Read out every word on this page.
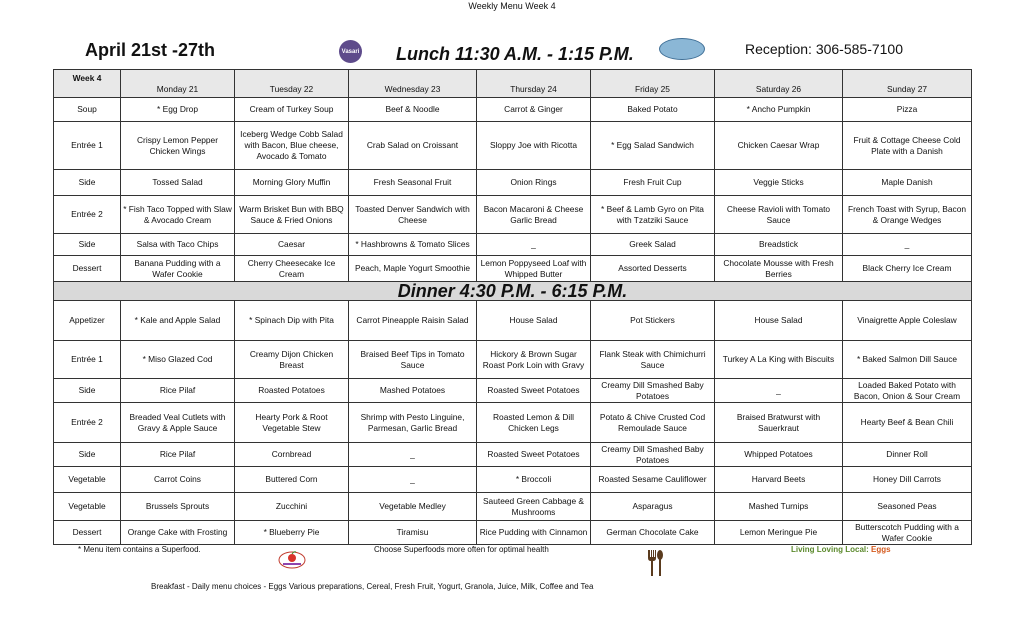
Weekly Menu Week 4
April 21st -27th	Vasari Lunch 11:30 A.M. - 1:15 P.M.	Reception: 306-585-7100
Week 4	Monday 21	Tuesday 22	Wednesday 23	Thursday 24	Friday 25	Saturday 26	Sunday 27
Soup	* Egg Drop	Cream of Turkey Soup	Beef & Noodle	Carrot & Ginger	Baked Potato	* Ancho Pumpkin	Pizza
Entrée 1	Crispy Lemon Pepper Chicken Wings	Iceberg Wedge Cobb Salad with Bacon, Blue cheese, Avocado & Tomato	Crab Salad on Croissant	Sloppy Joe with Ricotta	* Egg Salad Sandwich	Chicken Caesar Wrap	Fruit & Cottage Cheese Cold Plate with a Danish
Side	Tossed Salad	Morning Glory Muffin	Fresh Seasonal Fruit	Onion Rings	Fresh Fruit Cup	Veggie Sticks	Maple Danish
Entrée 2	* Fish Taco Topped with Slaw & Avocado Cream	Warm Brisket Bun with BBQ Sauce & Fried Onions	Toasted Denver Sandwich with Cheese	Bacon Macaroni & Cheese Garlic Bread	* Beef & Lamb Gyro on Pita with Tzatziki Sauce	Cheese Ravioli with Tomato Sauce	French Toast with Syrup, Bacon & Orange Wedges
Side	Salsa with Taco Chips	Caesar	* Hashbrowns & Tomato Slices	_	Greek Salad	Breadstick	_
Dessert	Banana Pudding with a Wafer Cookie	Cherry Cheesecake Ice Cream	Peach, Maple Yogurt Smoothie	Lemon Poppyseed Loaf with Whipped Butter	Assorted Desserts	Chocolate Mousse with Fresh Berries	Black Cherry Ice Cream
Dinner 4:30 P.M. - 6:15 P.M.							
Appetizer	* Kale and Apple Salad	* Spinach Dip with Pita	Carrot Pineapple Raisin Salad	House Salad	Pot Stickers	House Salad	Vinaigrette Apple Coleslaw
Entrée 1	* Miso Glazed Cod	Creamy Dijon Chicken Breast	Braised Beef Tips in Tomato Sauce	Hickory & Brown Sugar Roast Pork Loin with Gravy	Flank Steak with Chimichurri Sauce	Turkey A La King with Biscuits	* Baked Salmon Dill Sauce
Side	Rice Pilaf	Roasted Potatoes	Mashed Potatoes	Roasted Sweet Potatoes	Creamy Dill Smashed Baby Potatoes	_	Loaded Baked Potato with Bacon, Onion & Sour Cream
Entrée 2	Breaded Veal Cutlets with Gravy & Apple Sauce	Hearty Pork & Root Vegetable Stew	Shrimp with Pesto Linguine, Parmesan, Garlic Bread	Roasted Lemon & Dill Chicken Legs	Potato & Chive Crusted Cod Remoulade Sauce	Braised Bratwurst with Sauerkraut	Hearty Beef & Bean Chili
Side	Rice Pilaf	Cornbread	_	Roasted Sweet Potatoes	Creamy Dill Smashed Baby Potatoes	Whipped Potatoes	Dinner Roll
Vegetable	Carrot Coins	Buttered Corn	_	* Broccoli	Roasted Sesame Cauliflower	Harvard Beets	Honey Dill Carrots
Vegetable	Brussels Sprouts	Zucchini	Vegetable Medley	Sauteed Green Cabbage & Mushrooms	Asparagus	Mashed Turnips	Seasoned Peas
Dessert	Orange Cake with Frosting	* Blueberry Pie	Tiramisu	Rice Pudding with Cinnamon	German Chocolate Cake	Lemon Meringue Pie	Butterscotch Pudding with a Wafer Cookie
* Menu item contains a Superfood.	Choose Superfoods more often for optimal health	Living Loving Local: Eggs
Breakfast - Daily menu choices - Eggs Various preparations, Cereal, Fresh Fruit, Yogurt, Granola, Juice, Milk, Coffee and Tea
